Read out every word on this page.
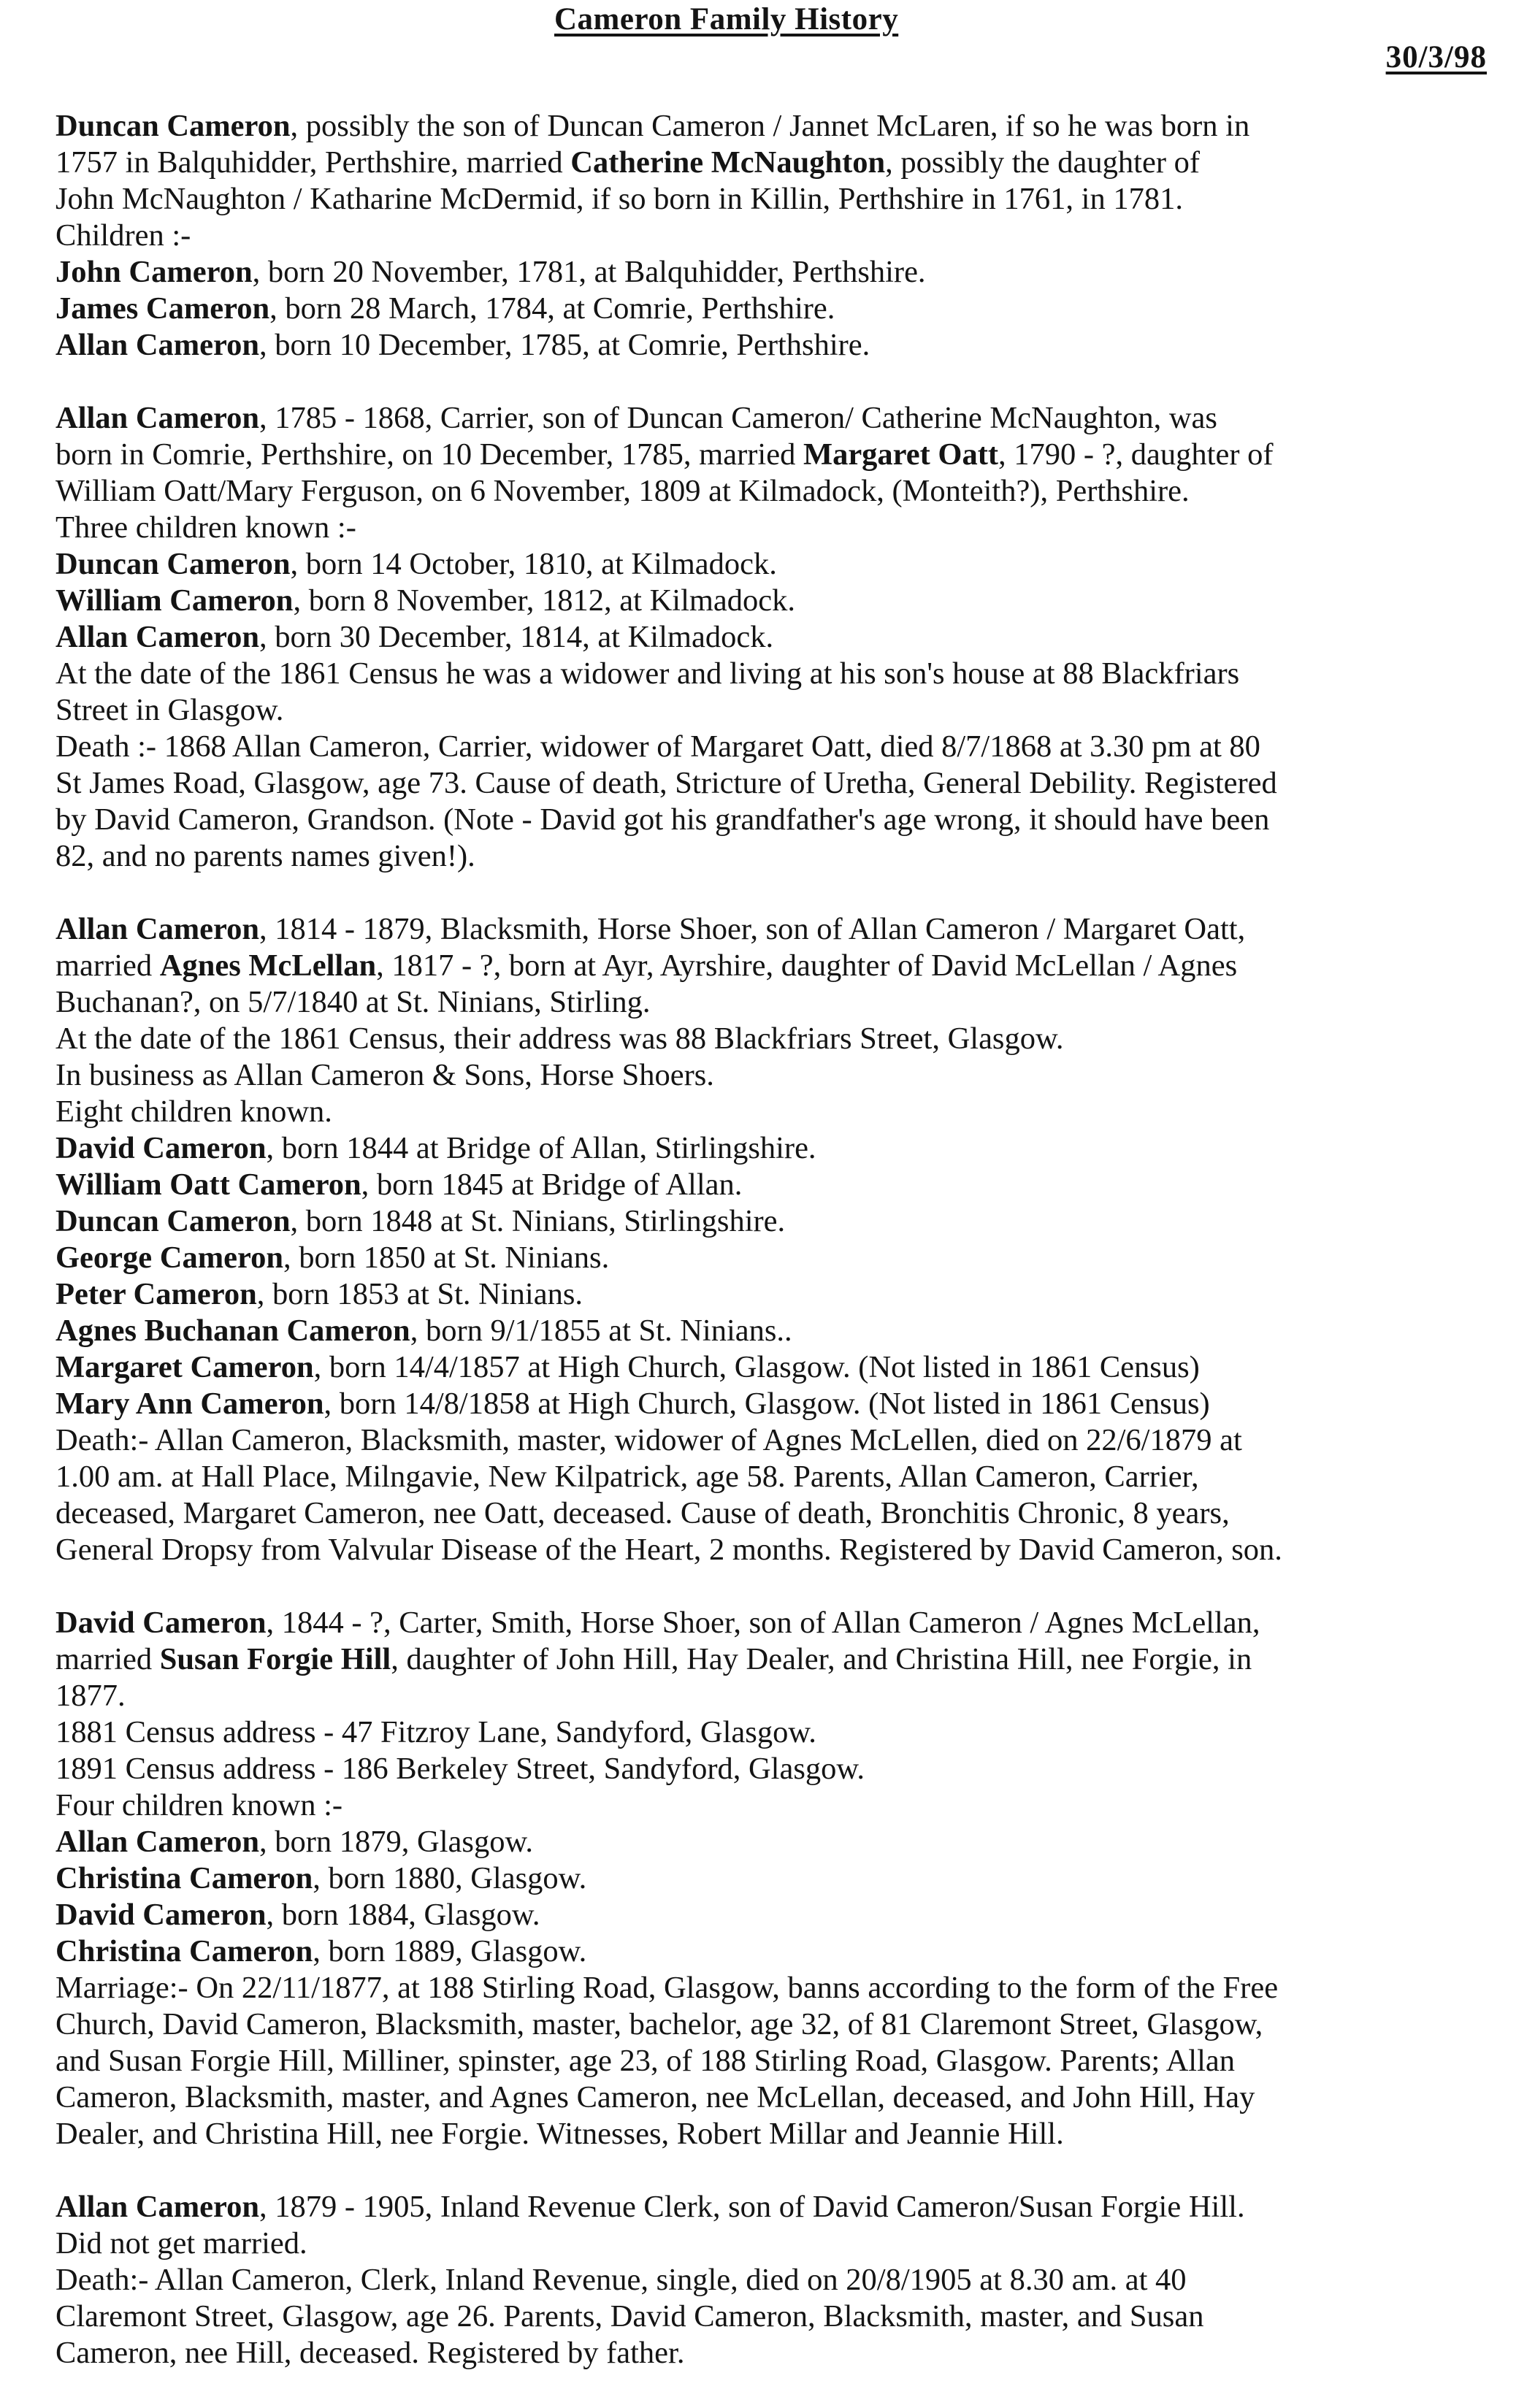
Cameron Family History
30/3/98
Duncan Cameron, possibly the son of Duncan Cameron / Jannet McLaren, if so he was born in
1757 in Balquhidder, Perthshire, married Catherine McNaughton, possibly the daughter of
John McNaughton / Katharine McDermid, if so born in Killin, Perthshire in 1761, in 1781.
Children :-
John Cameron, born 20 November, 1781, at Balquhidder, Perthshire.
James Cameron, born 28 March, 1784, at Comrie, Perthshire.
Allan Cameron, born 10 December, 1785, at Comrie, Perthshire.
Allan Cameron, 1785 - 1868, Carrier, son of Duncan Cameron/ Catherine McNaughton, was
born in Comrie, Perthshire, on 10 December, 1785, married Margaret Oatt, 1790 - ?, daughter of
William Oatt/Mary Ferguson, on 6 November, 1809 at Kilmadock, (Monteith?), Perthshire.
Three children known :-
Duncan Cameron, born 14 October, 1810, at Kilmadock.
William Cameron, born 8 November, 1812, at Kilmadock.
Allan Cameron, born 30 December, 1814, at Kilmadock.
At the date of the 1861 Census he was a widower and living at his son's house at 88 Blackfriars
Street in Glasgow.
Death :- 1868 Allan Cameron, Carrier, widower of Margaret Oatt, died 8/7/1868 at 3.30 pm at 80
St James Road, Glasgow, age 73. Cause of death, Stricture of Uretha, General Debility. Registered
by David Cameron, Grandson. (Note - David got his grandfather's age wrong, it should have been
82, and no parents names given!).
Allan Cameron, 1814 - 1879, Blacksmith, Horse Shoer, son of Allan Cameron / Margaret Oatt,
married Agnes McLellan, 1817 - ?, born at Ayr, Ayrshire, daughter of David McLellan / Agnes
Buchanan?, on 5/7/1840 at St. Ninians, Stirling.
At the date of the 1861 Census, their address was 88 Blackfriars Street, Glasgow.
In business as Allan Cameron & Sons, Horse Shoers.
Eight children known.
David Cameron, born 1844 at Bridge of Allan, Stirlingshire.
William Oatt Cameron, born 1845 at Bridge of Allan.
Duncan Cameron, born 1848 at St. Ninians, Stirlingshire.
George Cameron, born 1850 at St. Ninians.
Peter Cameron, born 1853 at St. Ninians.
Agnes Buchanan Cameron, born 9/1/1855 at St. Ninians..
Margaret Cameron, born 14/4/1857 at High Church, Glasgow. (Not listed in 1861 Census)
Mary Ann Cameron, born 14/8/1858 at High Church, Glasgow. (Not listed in 1861 Census)
Death:- Allan Cameron, Blacksmith, master, widower of Agnes McLellen, died on 22/6/1879 at
1.00 am. at Hall Place, Milngavie, New Kilpatrick, age 58. Parents, Allan Cameron, Carrier,
deceased, Margaret Cameron, nee Oatt, deceased. Cause of death, Bronchitis Chronic, 8 years,
General Dropsy from Valvular Disease of the Heart, 2 months. Registered by David Cameron, son.
David Cameron, 1844 - ?, Carter, Smith, Horse Shoer, son of Allan Cameron / Agnes McLellan,
married Susan Forgie Hill, daughter of John Hill, Hay Dealer, and Christina Hill, nee Forgie, in
1877.
1881 Census address - 47 Fitzroy Lane, Sandyford, Glasgow.
1891 Census address - 186 Berkeley Street, Sandyford, Glasgow.
Four children known :-
Allan Cameron, born 1879, Glasgow.
Christina Cameron, born 1880, Glasgow.
David Cameron, born 1884, Glasgow.
Christina Cameron, born 1889, Glasgow.
Marriage:- On 22/11/1877, at 188 Stirling Road, Glasgow, banns according to the form of the Free
Church, David Cameron, Blacksmith, master, bachelor, age 32, of 81 Claremont Street, Glasgow,
and Susan Forgie Hill, Milliner, spinster, age 23, of 188 Stirling Road, Glasgow. Parents; Allan
Cameron, Blacksmith, master, and Agnes Cameron, nee McLellan, deceased, and John Hill, Hay
Dealer, and Christina Hill, nee Forgie. Witnesses, Robert Millar and Jeannie Hill.
Allan Cameron, 1879 - 1905, Inland Revenue Clerk, son of David Cameron/Susan Forgie Hill.
Did not get married.
Death:- Allan Cameron, Clerk, Inland Revenue, single, died on 20/8/1905 at 8.30 am. at 40
Claremont Street, Glasgow, age 26. Parents, David Cameron, Blacksmith, master, and Susan
Cameron, nee Hill, deceased. Registered by father.
